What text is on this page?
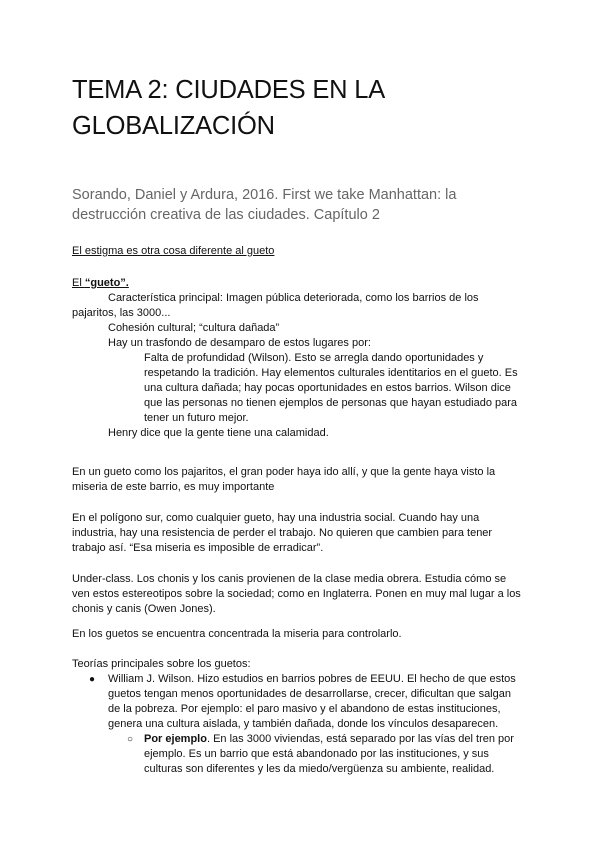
TEMA 2: CIUDADES EN LA GLOBALIZACIÓN
Sorando, Daniel y Ardura, 2016. First we take Manhattan: la destrucción creativa de las ciudades. Capítulo 2
El estigma es otra cosa diferente al gueto
El “gueto”.
Característica principal: Imagen pública deteriorada, como los barrios de los
pajaritos, las 3000...
Cohesión cultural; “cultura dañada”
Hay un trasfondo de desamparo de estos lugares por:
Falta de profundidad (Wilson). Esto se arregla dando oportunidades y
respetando la tradición. Hay elementos culturales identitarios en el gueto. Es
una cultura dañada; hay pocas oportunidades en estos barrios. Wilson dice
que las personas no tienen ejemplos de personas que hayan estudiado para
tener un futuro mejor.
Henry dice que la gente tiene una calamidad.
En un gueto como los pajaritos, el gran poder haya ido allí, y que la gente haya visto la
miseria de este barrio, es muy importante
En el polígono sur, como cualquier gueto, hay una industria social. Cuando hay una
industria, hay una resistencia de perder el trabajo. No quieren que cambien para tener
trabajo así. “Esa miseria es imposible de erradicar”.
Under-class. Los chonis y los canis provienen de la clase media obrera. Estudia cómo se
ven estos estereotipos sobre la sociedad; como en Inglaterra. Ponen en muy mal lugar a los
chonis y canis (Owen Jones).
En los guetos se encuentra concentrada la miseria para controlarlo.
Teorías principales sobre los guetos:
● William J. Wilson. Hizo estudios en barrios pobres de EEUU. El hecho de que estos
guetos tengan menos oportunidades de desarrollarse, crecer, dificultan que salgan
de la pobreza. Por ejemplo: el paro masivo y el abandono de estas instituciones,
genera una cultura aislada, y también dañada, donde los vínculos desaparecen.
○ Por ejemplo. En las 3000 viviendas, está separado por las vías del tren por
ejemplo. Es un barrio que está abandonado por las instituciones, y sus
culturas son diferentes y les da miedo/vergüenza su ambiente, realidad.
